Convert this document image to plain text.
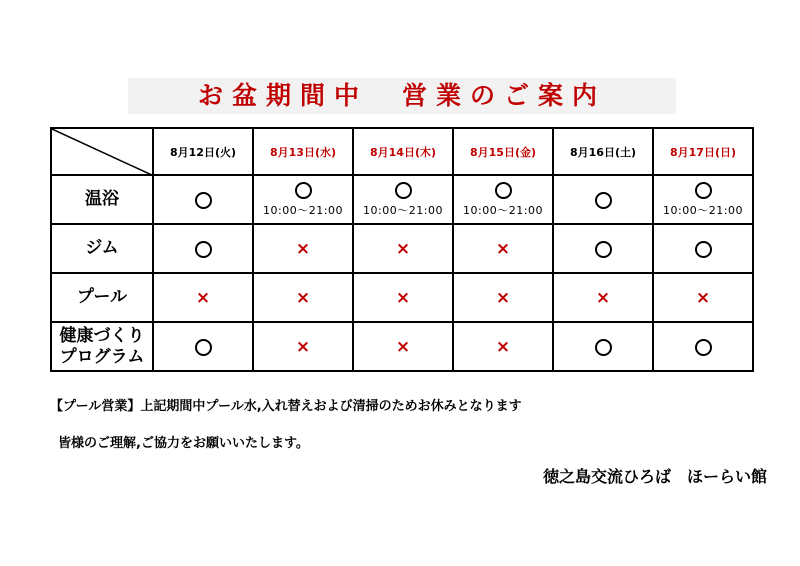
お盆期間中　営業のご案内
	8月12日(火)	8月13日(水)	8月14日(木)	8月15日(金)	8月16日(土)	8月17日(日)
温浴		10:00～21:00	10:00～21:00	10:00～21:00		10:00～21:00

ジム		×	×	×		
プール	×	×	×	×	×	×

健康づくり
プログラム		×	×	×		
【プール営業】上記期間中プール水,入れ替えおよび清掃のためお休みとなります
皆様のご理解,ご協力をお願いいたします。
徳之島交流ひろば　ほーらい館
